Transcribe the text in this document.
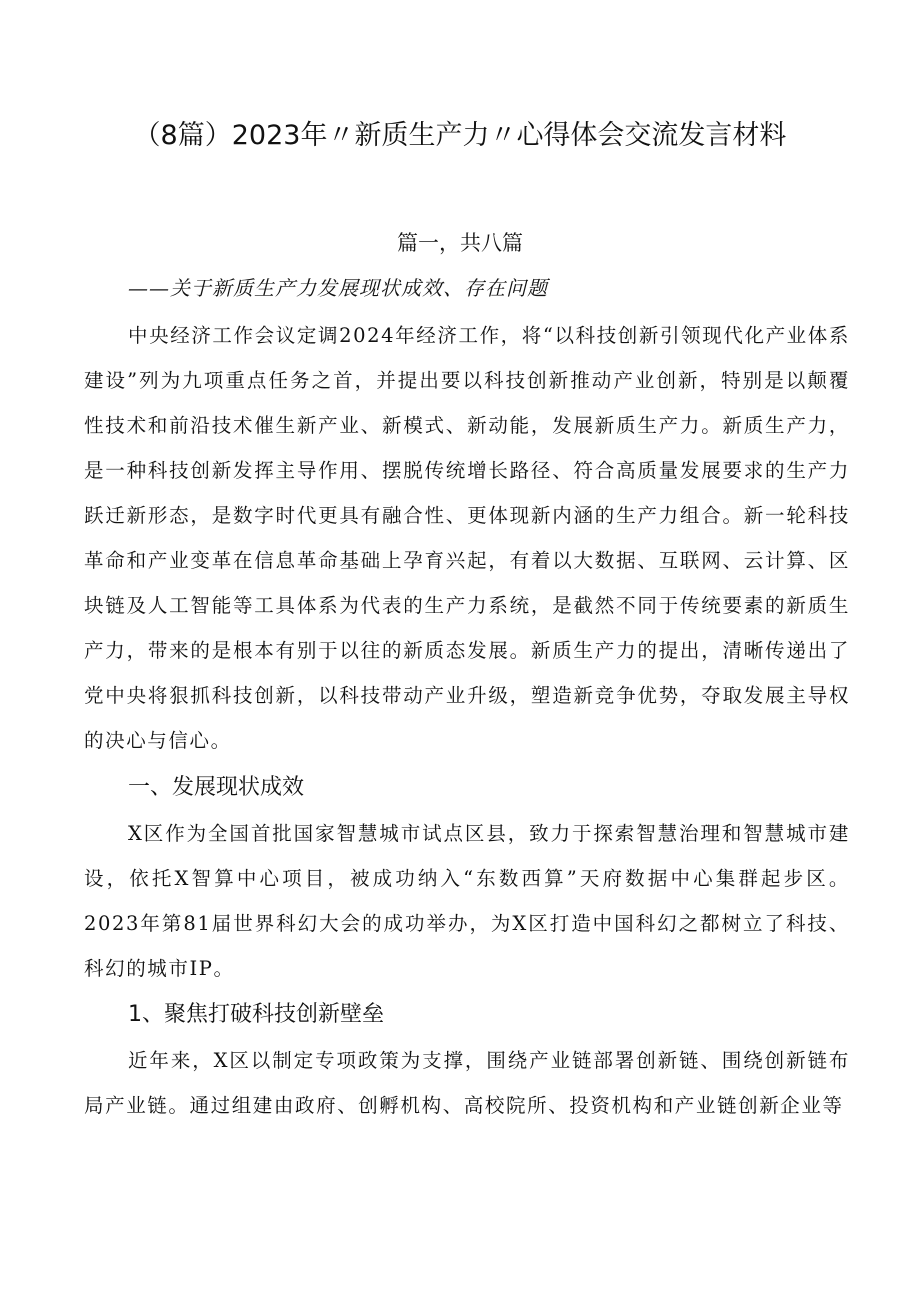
（8篇）2023年〃新质生产力〃心得体会交流发言材料
篇一，共八篇
——关于新质生产力发展现状成效、存在问题

中央经济工作会议定调2024年经济工作，将“以科技创新引领现代化产业体系建设”列为九项重点任务之首，并提出要以科技创新推动产业创新，特别是以颠覆性技术和前沿技术催生新产业、新模式、新动能，发展新质生产力。新质生产力，是一种科技创新发挥主导作用、摆脱传统增长路径、符合高质量发展要求的生产力跃迁新形态，是数字时代更具有融合性、更体现新内涵的生产力组合。新一轮科技革命和产业变革在信息革命基础上孕育兴起，有着以大数据、互联网、云计算、区块链及人工智能等工具体系为代表的生产力系统，是截然不同于传统要素的新质生产力，带来的是根本有别于以往的新质态发展。新质生产力的提出，清晰传递出了党中央将狠抓科技创新，以科技带动产业升级，塑造新竞争优势，夺取发展主导权的决心与信心。

一、发展现状成效

X区作为全国首批国家智慧城市试点区县，致力于探索智慧治理和智慧城市建设，依托X智算中心项目，被成功纳入“东数西算”天府数据中心集群起步区。2023年第81届世界科幻大会的成功举办，为X区打造中国科幻之都树立了科技、科幻的城市IP。

1、聚焦打破科技创新壁垒

近年来，X区以制定专项政策为支撑，围绕产业链部署创新链、围绕创新链布局产业链。通过组建由政府、创孵机构、高校院所、投资机构和产业链创新企业等
